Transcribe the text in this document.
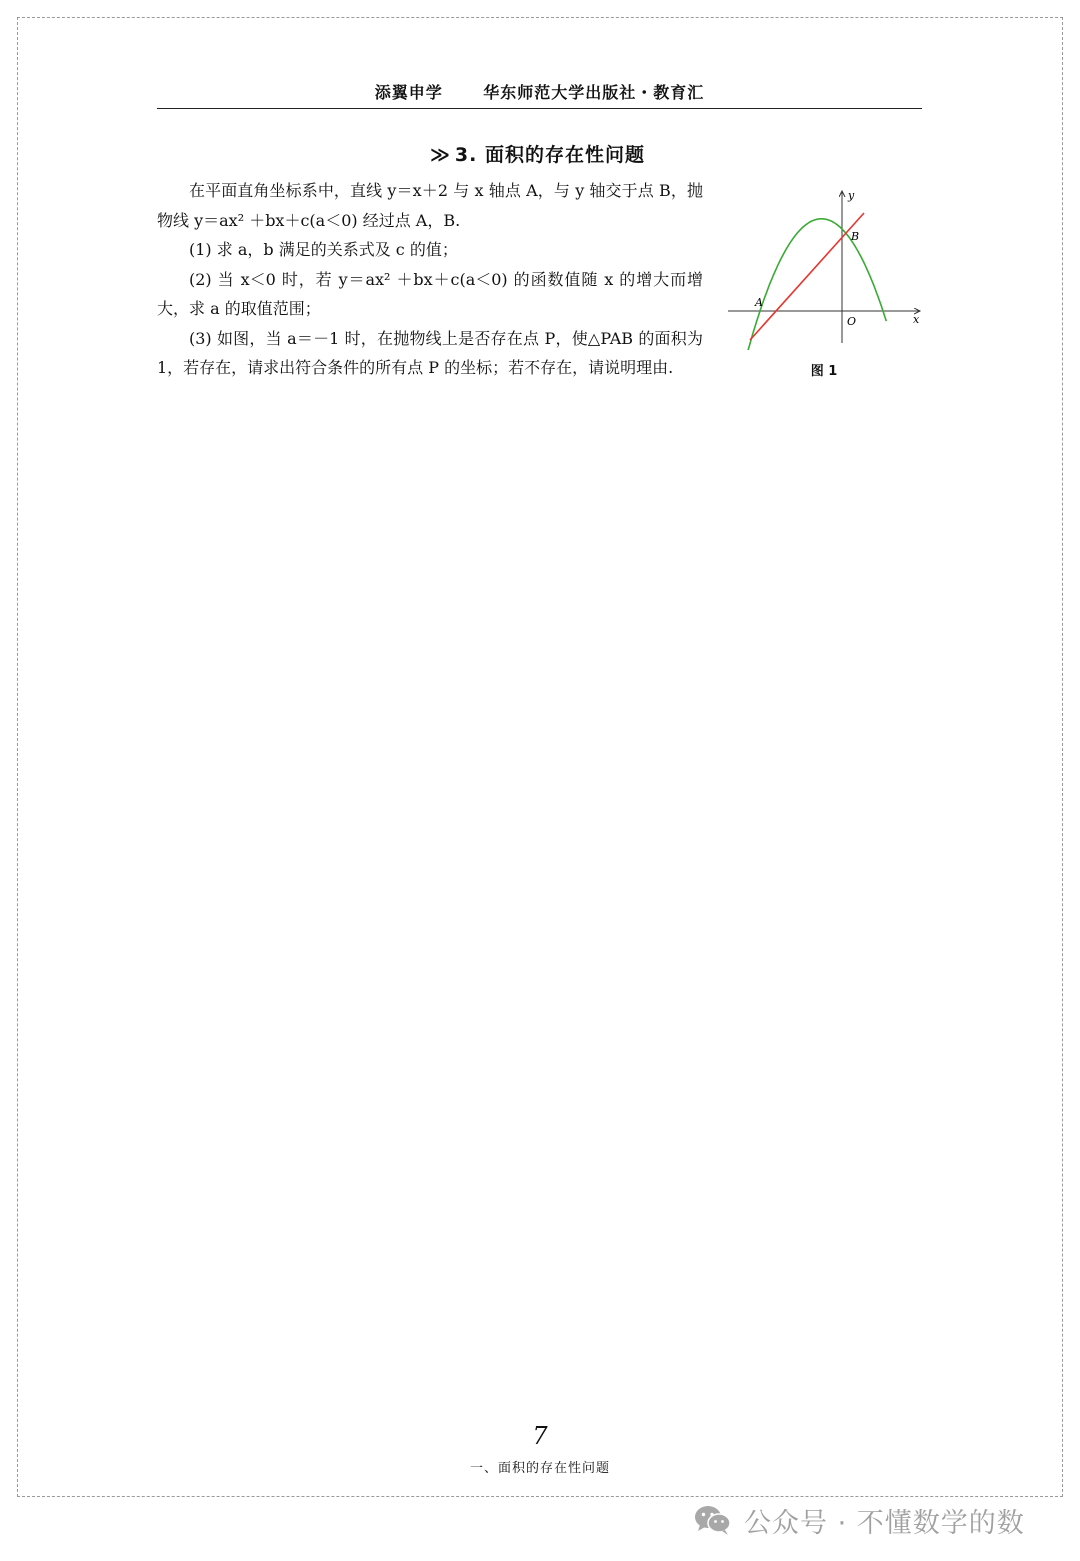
添翼申学	华东师范大学出版社・教育汇
≫ 3. 面积的存在性问题

在平面直角坐标系中，直线 y＝x＋2 与 x 轴点 A，与 y 轴交于点 B，抛物线 y＝ax² ＋bx＋c(a＜0) 经过点 A，B.

(1) 求 a，b 满足的关系式及 c 的值；

(2) 当 x＜0 时，若 y＝ax² ＋bx＋c(a＜0) 的函数值随 x 的增大而增大，求 a 的取值范围；

(3) 如图，当 a＝－1 时，在抛物线上是否存在点 P，使△PAB 的面积为 1，若存在，请求出符合条件的所有点 P 的坐标；若不存在，请说明理由.

y
x
O
A
B
图 1
7
一、面积的存在性问题
公众号 · 不懂数学的数
